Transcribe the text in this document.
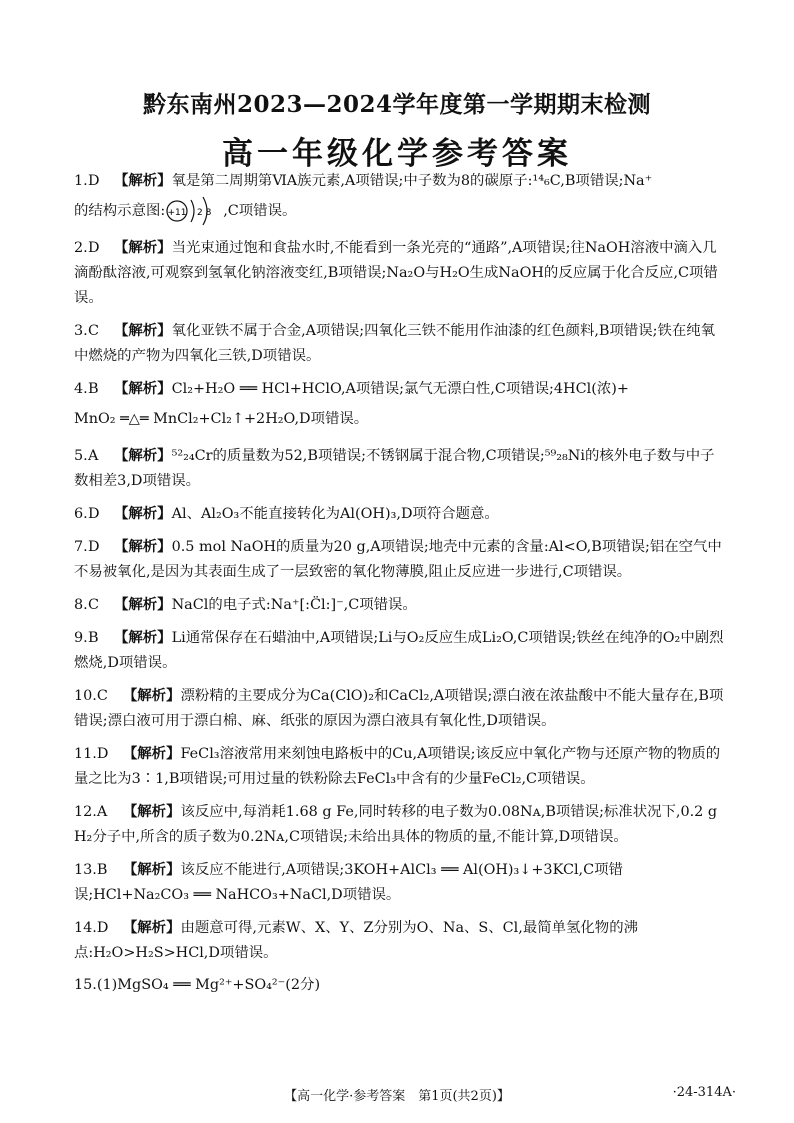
黔东南州2023—2024学年度第一学期期末检测
高一年级化学参考答案
1.D 【解析】氧是第二周期第ⅥA族元素,A项错误;中子数为8的碳原子:¹⁴₆C,B项错误;Na⁺
的结构示意图: +11 2 8 ,C项错误。
2.D 【解析】当光束通过饱和食盐水时,不能看到一条光亮的“通路”,A项错误;往NaOH溶液中滴入几滴酚酞溶液,可观察到氢氧化钠溶液变红,B项错误;Na₂O与H₂O生成NaOH的反应属于化合反应,C项错误。
3.C 【解析】氧化亚铁不属于合金,A项错误;四氧化三铁不能用作油漆的红色颜料,B项错误;铁在纯氧中燃烧的产物为四氧化三铁,D项错误。
4.B 【解析】Cl₂+H₂O ══ HCl+HClO,A项错误;氯气无漂白性,C项错误;4HCl(浓)+
MnO₂ ═△═ MnCl₂+Cl₂↑+2H₂O,D项错误。
5.A 【解析】⁵²₂₄Cr的质量数为52,B项错误;不锈钢属于混合物,C项错误;⁵⁹₂₈Ni的核外电子数与中子数相差3,D项错误。
6.D 【解析】Al、Al₂O₃不能直接转化为Al(OH)₃,D项符合题意。
7.D 【解析】0.5 mol NaOH的质量为20 g,A项错误;地壳中元素的含量:Al<O,B项错误;铝在空气中不易被氧化,是因为其表面生成了一层致密的氧化物薄膜,阻止反应进一步进行,C项错误。
8.C 【解析】NaCl的电子式:Na⁺[:C̈l:]⁻,C项错误。
9.B 【解析】Li通常保存在石蜡油中,A项错误;Li与O₂反应生成Li₂O,C项错误;铁丝在纯净的O₂中剧烈燃烧,D项错误。
10.C 【解析】漂粉精的主要成分为Ca(ClO)₂和CaCl₂,A项错误;漂白液在浓盐酸中不能大量存在,B项错误;漂白液可用于漂白棉、麻、纸张的原因为漂白液具有氧化性,D项错误。
11.D 【解析】FeCl₃溶液常用来刻蚀电路板中的Cu,A项错误;该反应中氧化产物与还原产物的物质的量之比为3∶1,B项错误;可用过量的铁粉除去FeCl₃中含有的少量FeCl₂,C项错误。
12.A 【解析】该反应中,每消耗1.68 g Fe,同时转移的电子数为0.08Nᴀ,B项错误;标准状况下,0.2 g H₂分子中,所含的质子数为0.2Nᴀ,C项错误;未给出具体的物质的量,不能计算,D项错误。
13.B 【解析】该反应不能进行,A项错误;3KOH+AlCl₃ ══ Al(OH)₃↓+3KCl,C项错误;HCl+Na₂CO₃ ══ NaHCO₃+NaCl,D项错误。
14.D 【解析】由题意可得,元素W、X、Y、Z分别为O、Na、S、Cl,最简单氢化物的沸点:H₂O>H₂S>HCl,D项错误。
15.(1)MgSO₄ ══ Mg²⁺+SO₄²⁻(2分)
【高一化学·参考答案　第1页(共2页)】	·24-314A·
